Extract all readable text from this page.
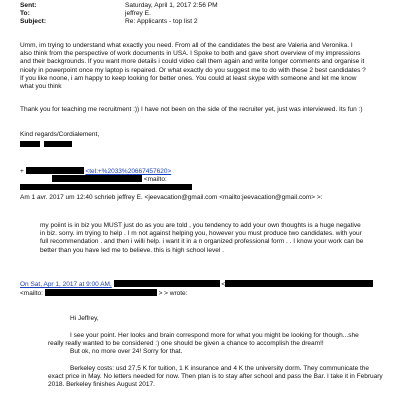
Sent:	Saturday, April 1, 2017 2:56 PM
To:	jeffrey E.
Subject:	Re: Applicants - top list 2
Umm, im trying to understand what exactly you need. From all of the candidates the best are Valeria and Veronika. I
also think from the perspective of work documents in USA. I Spoke to both and gave short overview of my impressions
and their backgrounds. If you want more details i could video call them again and write longer comments and organise it
nicely in powerpoint once my laptop is repaired. Or what exactly do you suggest me to do with these 2 best candidates ?
If you like noone, i am happy to keep looking for better ones. You could at least skype with someone and let me know
what you think
Thank you for teaching me recruitment :)) I have not been on the side of the recruiter yet, just was interviewed. Its fun :)
Kind regards/Cordialement,
+	<tel:+%2033%20667457620>
<mailto:
Am 1 avr. 2017 um 12:40 schrieb jeffrey E. <jeevacation@gmail.com <mailto:jeevacation@gmail.com> >:
my poiint is in biz you MUST just do as you are told , you tendency to add your own thoughts is a huge negative
in biz. sorry. im trying to help . I m not against helping you, however you must produce two candidates. with your
full recommendation . and then i willi help. i want it in a n organized professional form . . I know your work can be
better than you have led me to believe. this is high school level .
On Sat, Apr 1, 2017 at 9:00 AM,	<
<mailto:	> > wrote:
Hi Jeffrey,
I see your point. Her looks and brain correspond more for what you might be looking for though...she
really really wanted to be considered :) one should be given a chance to accomplish the dream!!
But ok, no more over 24! Sorry for that.
Berkeley costs: usd 27,5 K for tuition, 1 K insurance and 4 K the university dorm. They communicate the
exact price in May. No letters needed for now. Then plan is to stay after school and pass the Bar. I take it in February
2018. Berkeley finishes August 2017.
